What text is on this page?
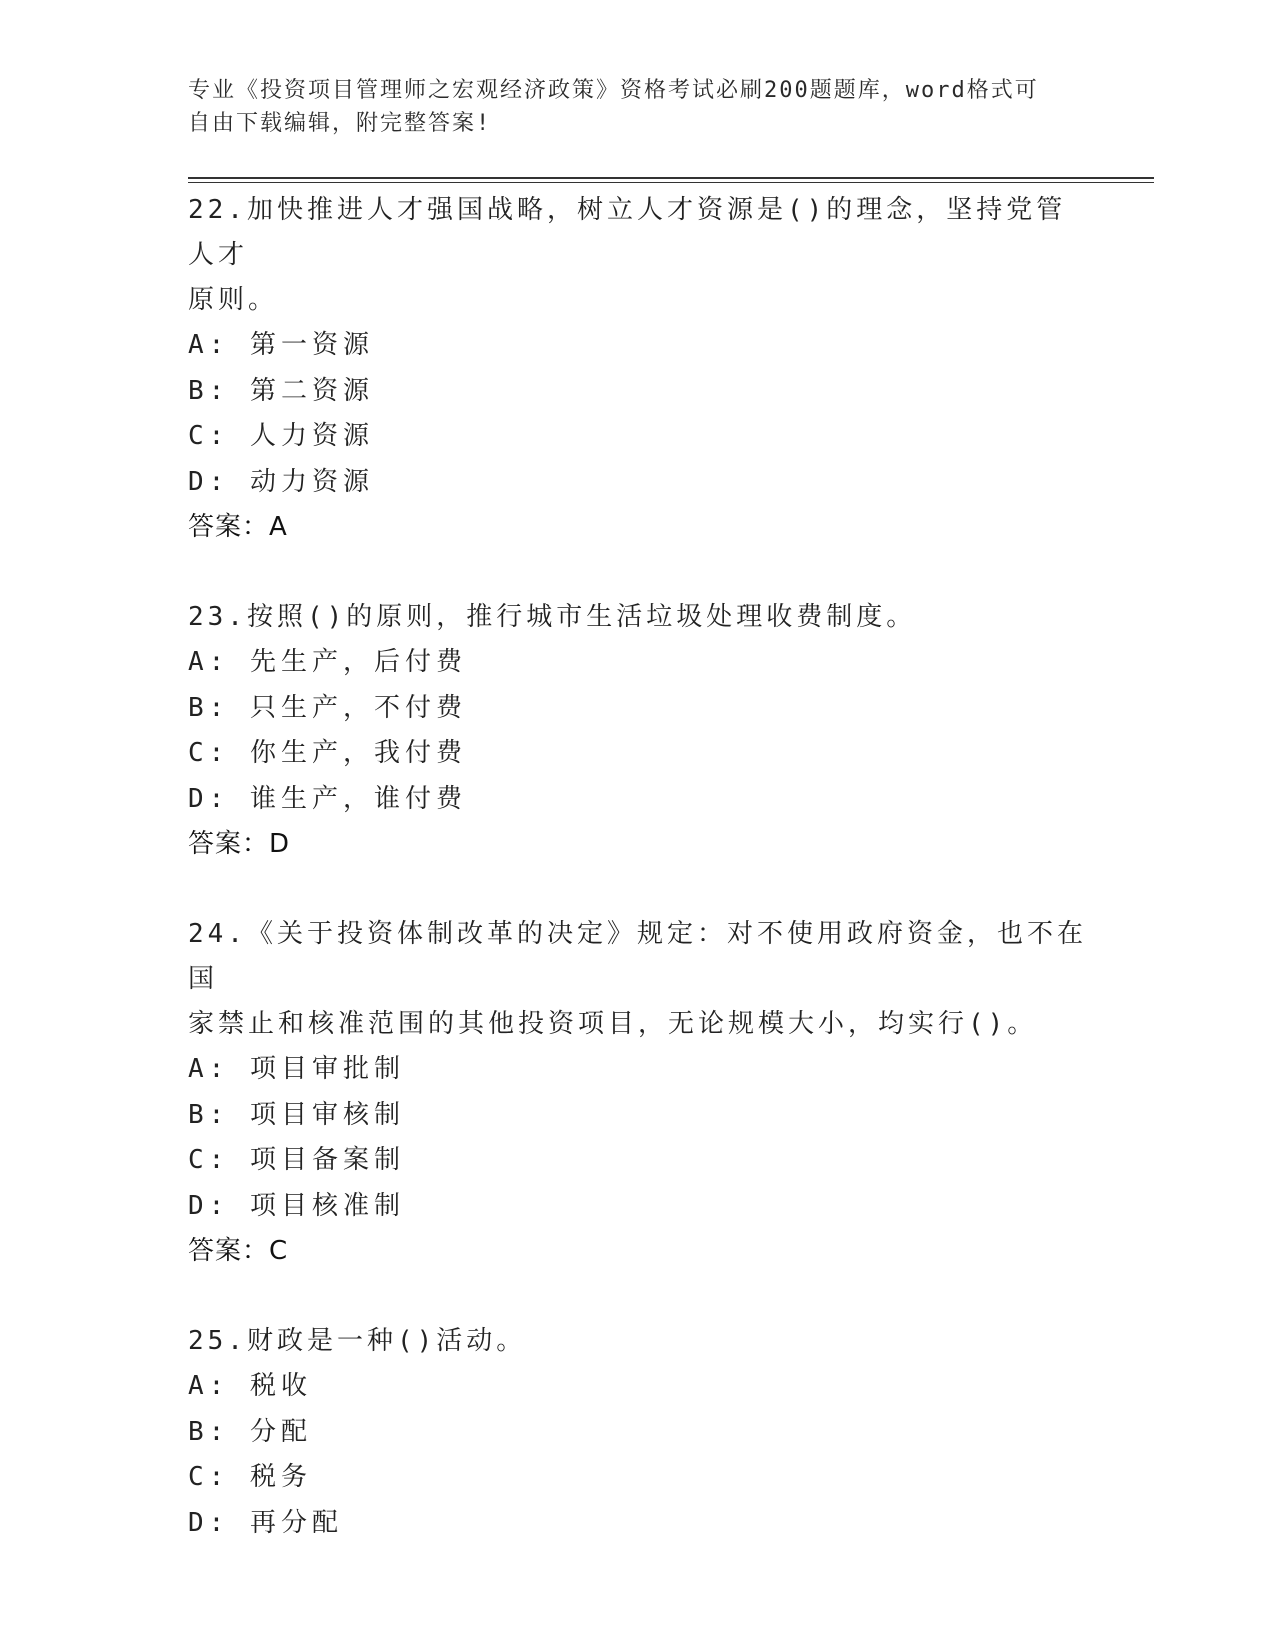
专业《投资项目管理师之宏观经济政策》资格考试必刷200题题库，word格式可
自由下载编辑，附完整答案!
22.加快推进人才强国战略，树立人才资源是()的理念，坚持党管人才
原则。
A: 第一资源
B: 第二资源
C: 人力资源
D: 动力资源
答案：A
23.按照()的原则，推行城市生活垃圾处理收费制度。
A: 先生产，后付费
B: 只生产，不付费
C: 你生产，我付费
D: 谁生产，谁付费
答案：D
24.《关于投资体制改革的决定》规定：对不使用政府资金，也不在国
家禁止和核准范围的其他投资项目，无论规模大小，均实行()。
A: 项目审批制
B: 项目审核制
C: 项目备案制
D: 项目核准制
答案：C
25.财政是一种()活动。
A: 税收
B: 分配
C: 税务
D: 再分配
